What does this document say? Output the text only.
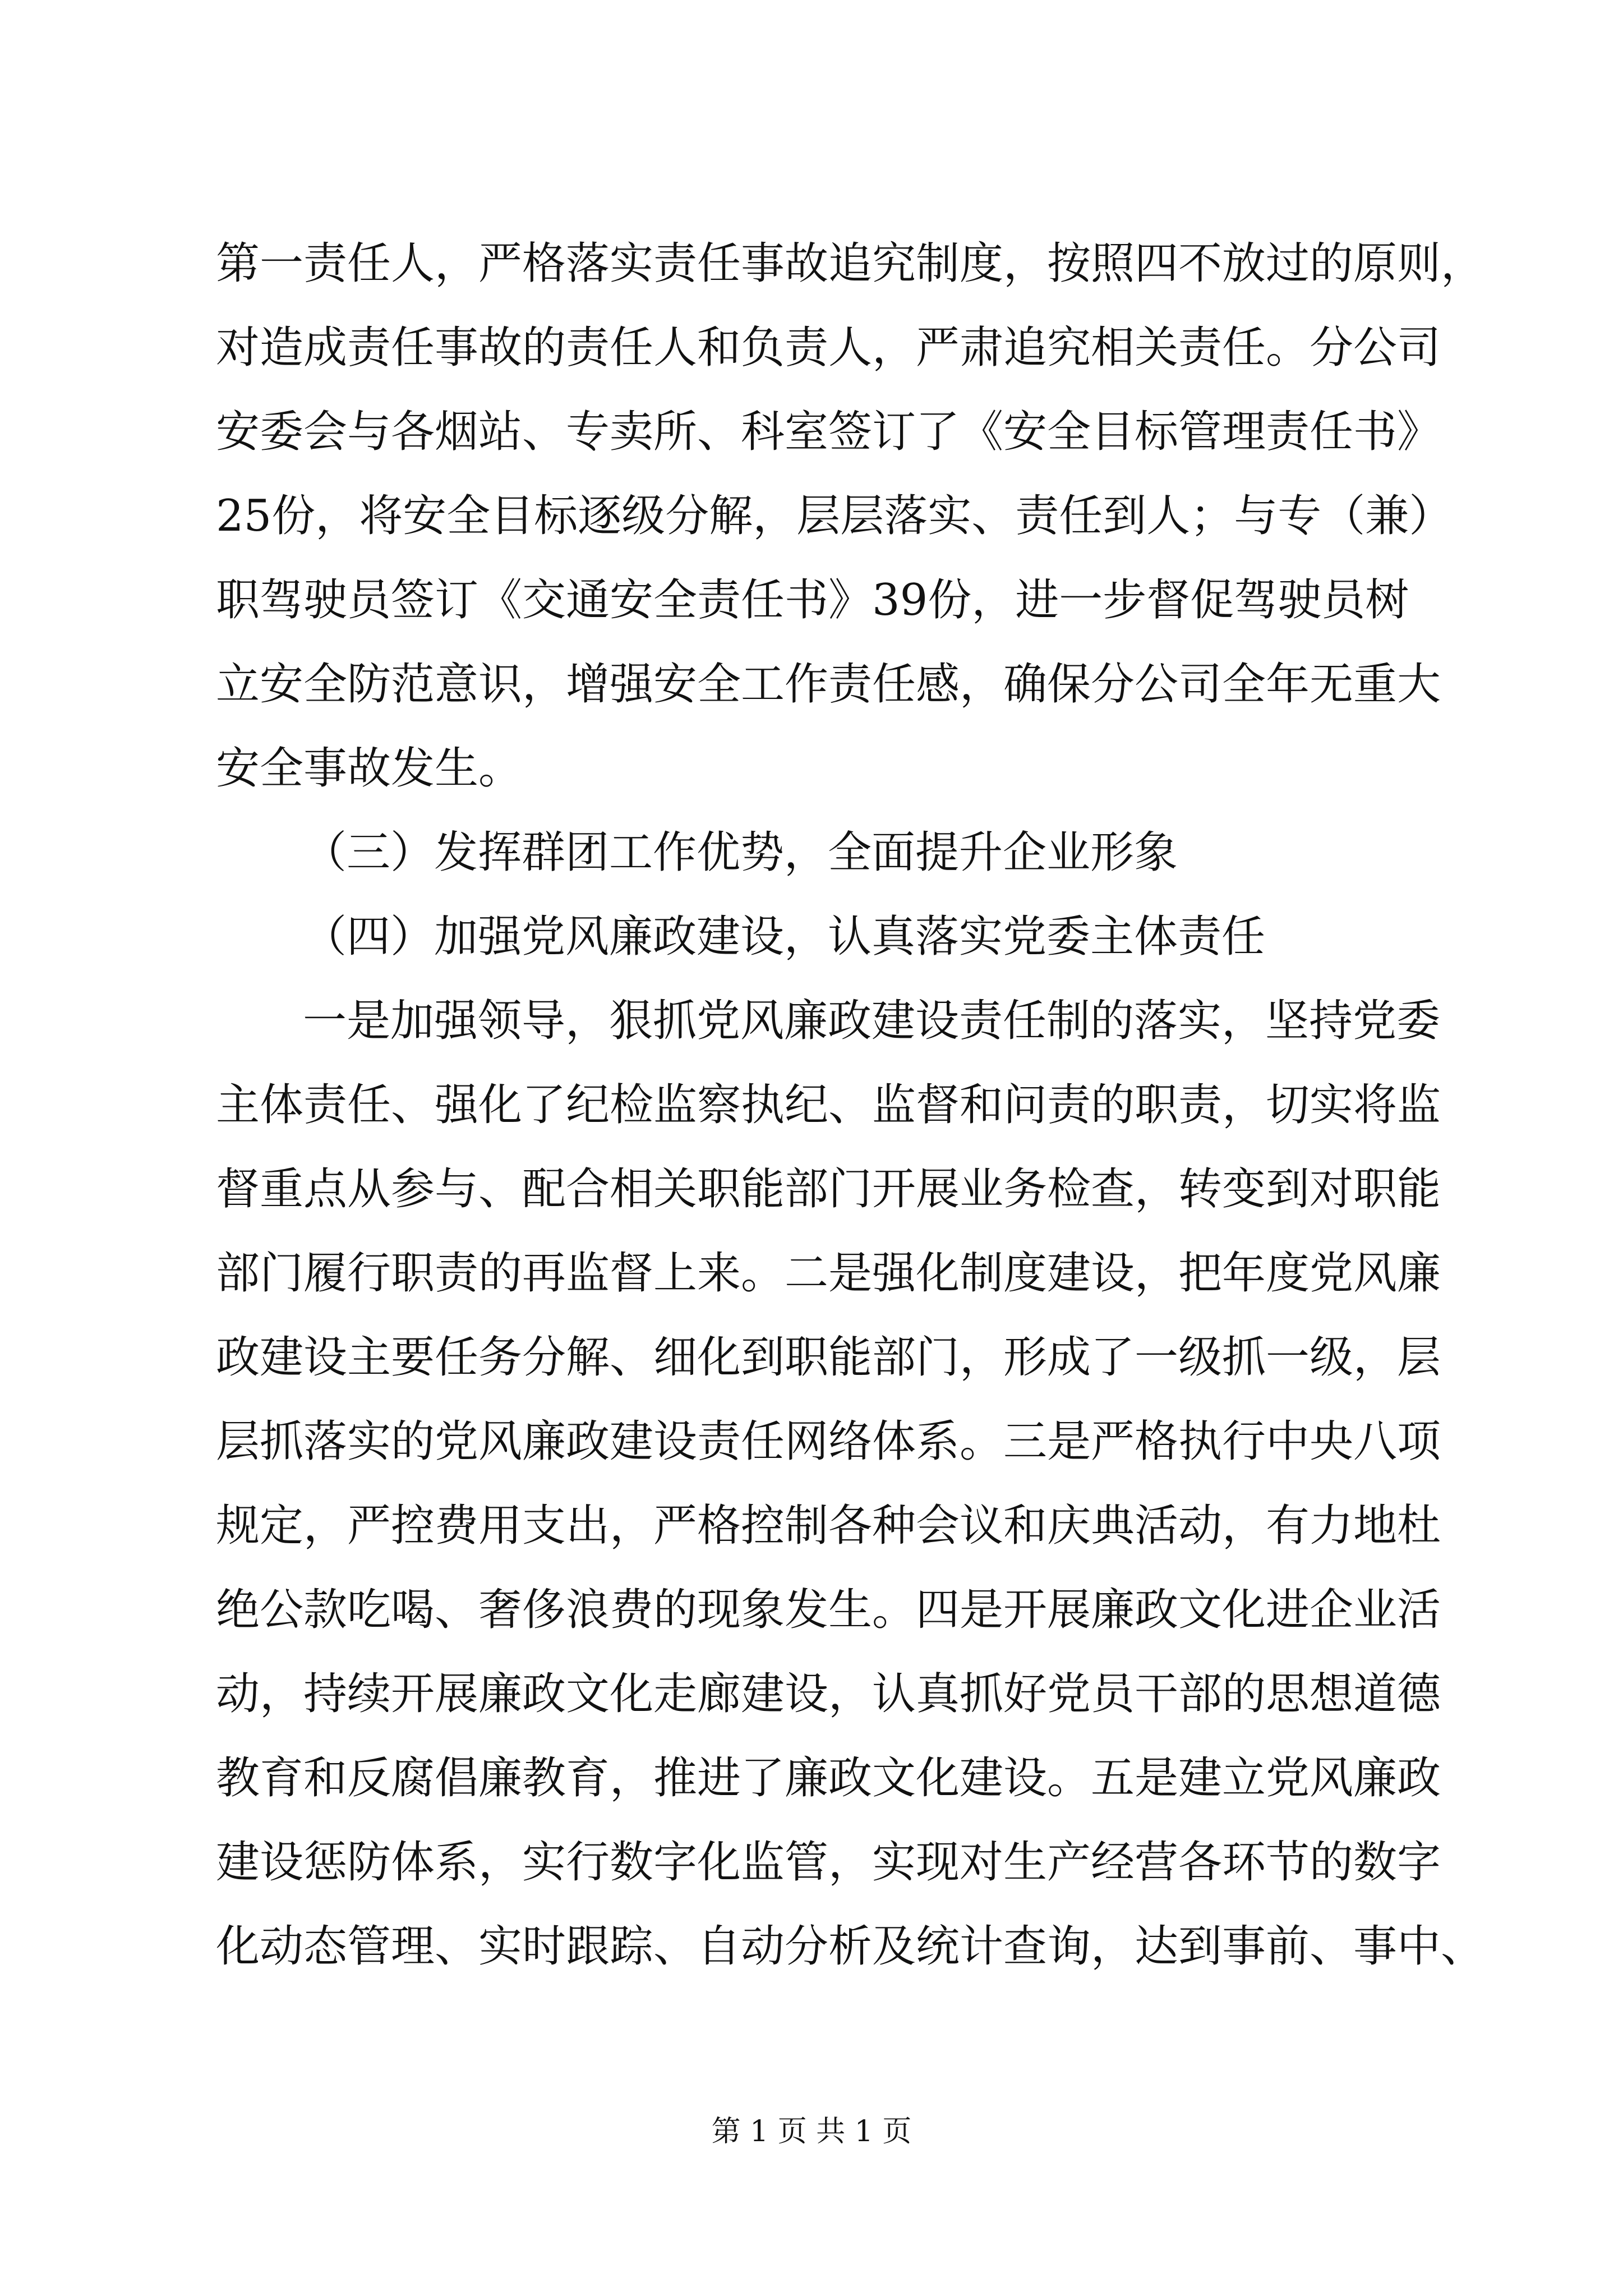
第一责任人，严格落实责任事故追究制度，按照四不放过的原则，
对造成责任事故的责任人和负责人，严肃追究相关责任。分公司
安委会与各烟站、专卖所、科室签订了《安全目标管理责任书》
25份，将安全目标逐级分解，层层落实、责任到人；与专（兼）
职驾驶员签订《交通安全责任书》39份，进一步督促驾驶员树
立安全防范意识，增强安全工作责任感，确保分公司全年无重大
安全事故发生。
（三）发挥群团工作优势，全面提升企业形象
（四）加强党风廉政建设，认真落实党委主体责任
一是加强领导，狠抓党风廉政建设责任制的落实，坚持党委
主体责任、强化了纪检监察执纪、监督和问责的职责，切实将监
督重点从参与、配合相关职能部门开展业务检查，转变到对职能
部门履行职责的再监督上来。二是强化制度建设，把年度党风廉
政建设主要任务分解、细化到职能部门，形成了一级抓一级，层
层抓落实的党风廉政建设责任网络体系。三是严格执行中央八项
规定，严控费用支出，严格控制各种会议和庆典活动，有力地杜
绝公款吃喝、奢侈浪费的现象发生。四是开展廉政文化进企业活
动，持续开展廉政文化走廊建设，认真抓好党员干部的思想道德
教育和反腐倡廉教育，推进了廉政文化建设。五是建立党风廉政
建设惩防体系，实行数字化监管，实现对生产经营各环节的数字
化动态管理、实时跟踪、自动分析及统计查询，达到事前、事中、
第 1 页 共 1 页
